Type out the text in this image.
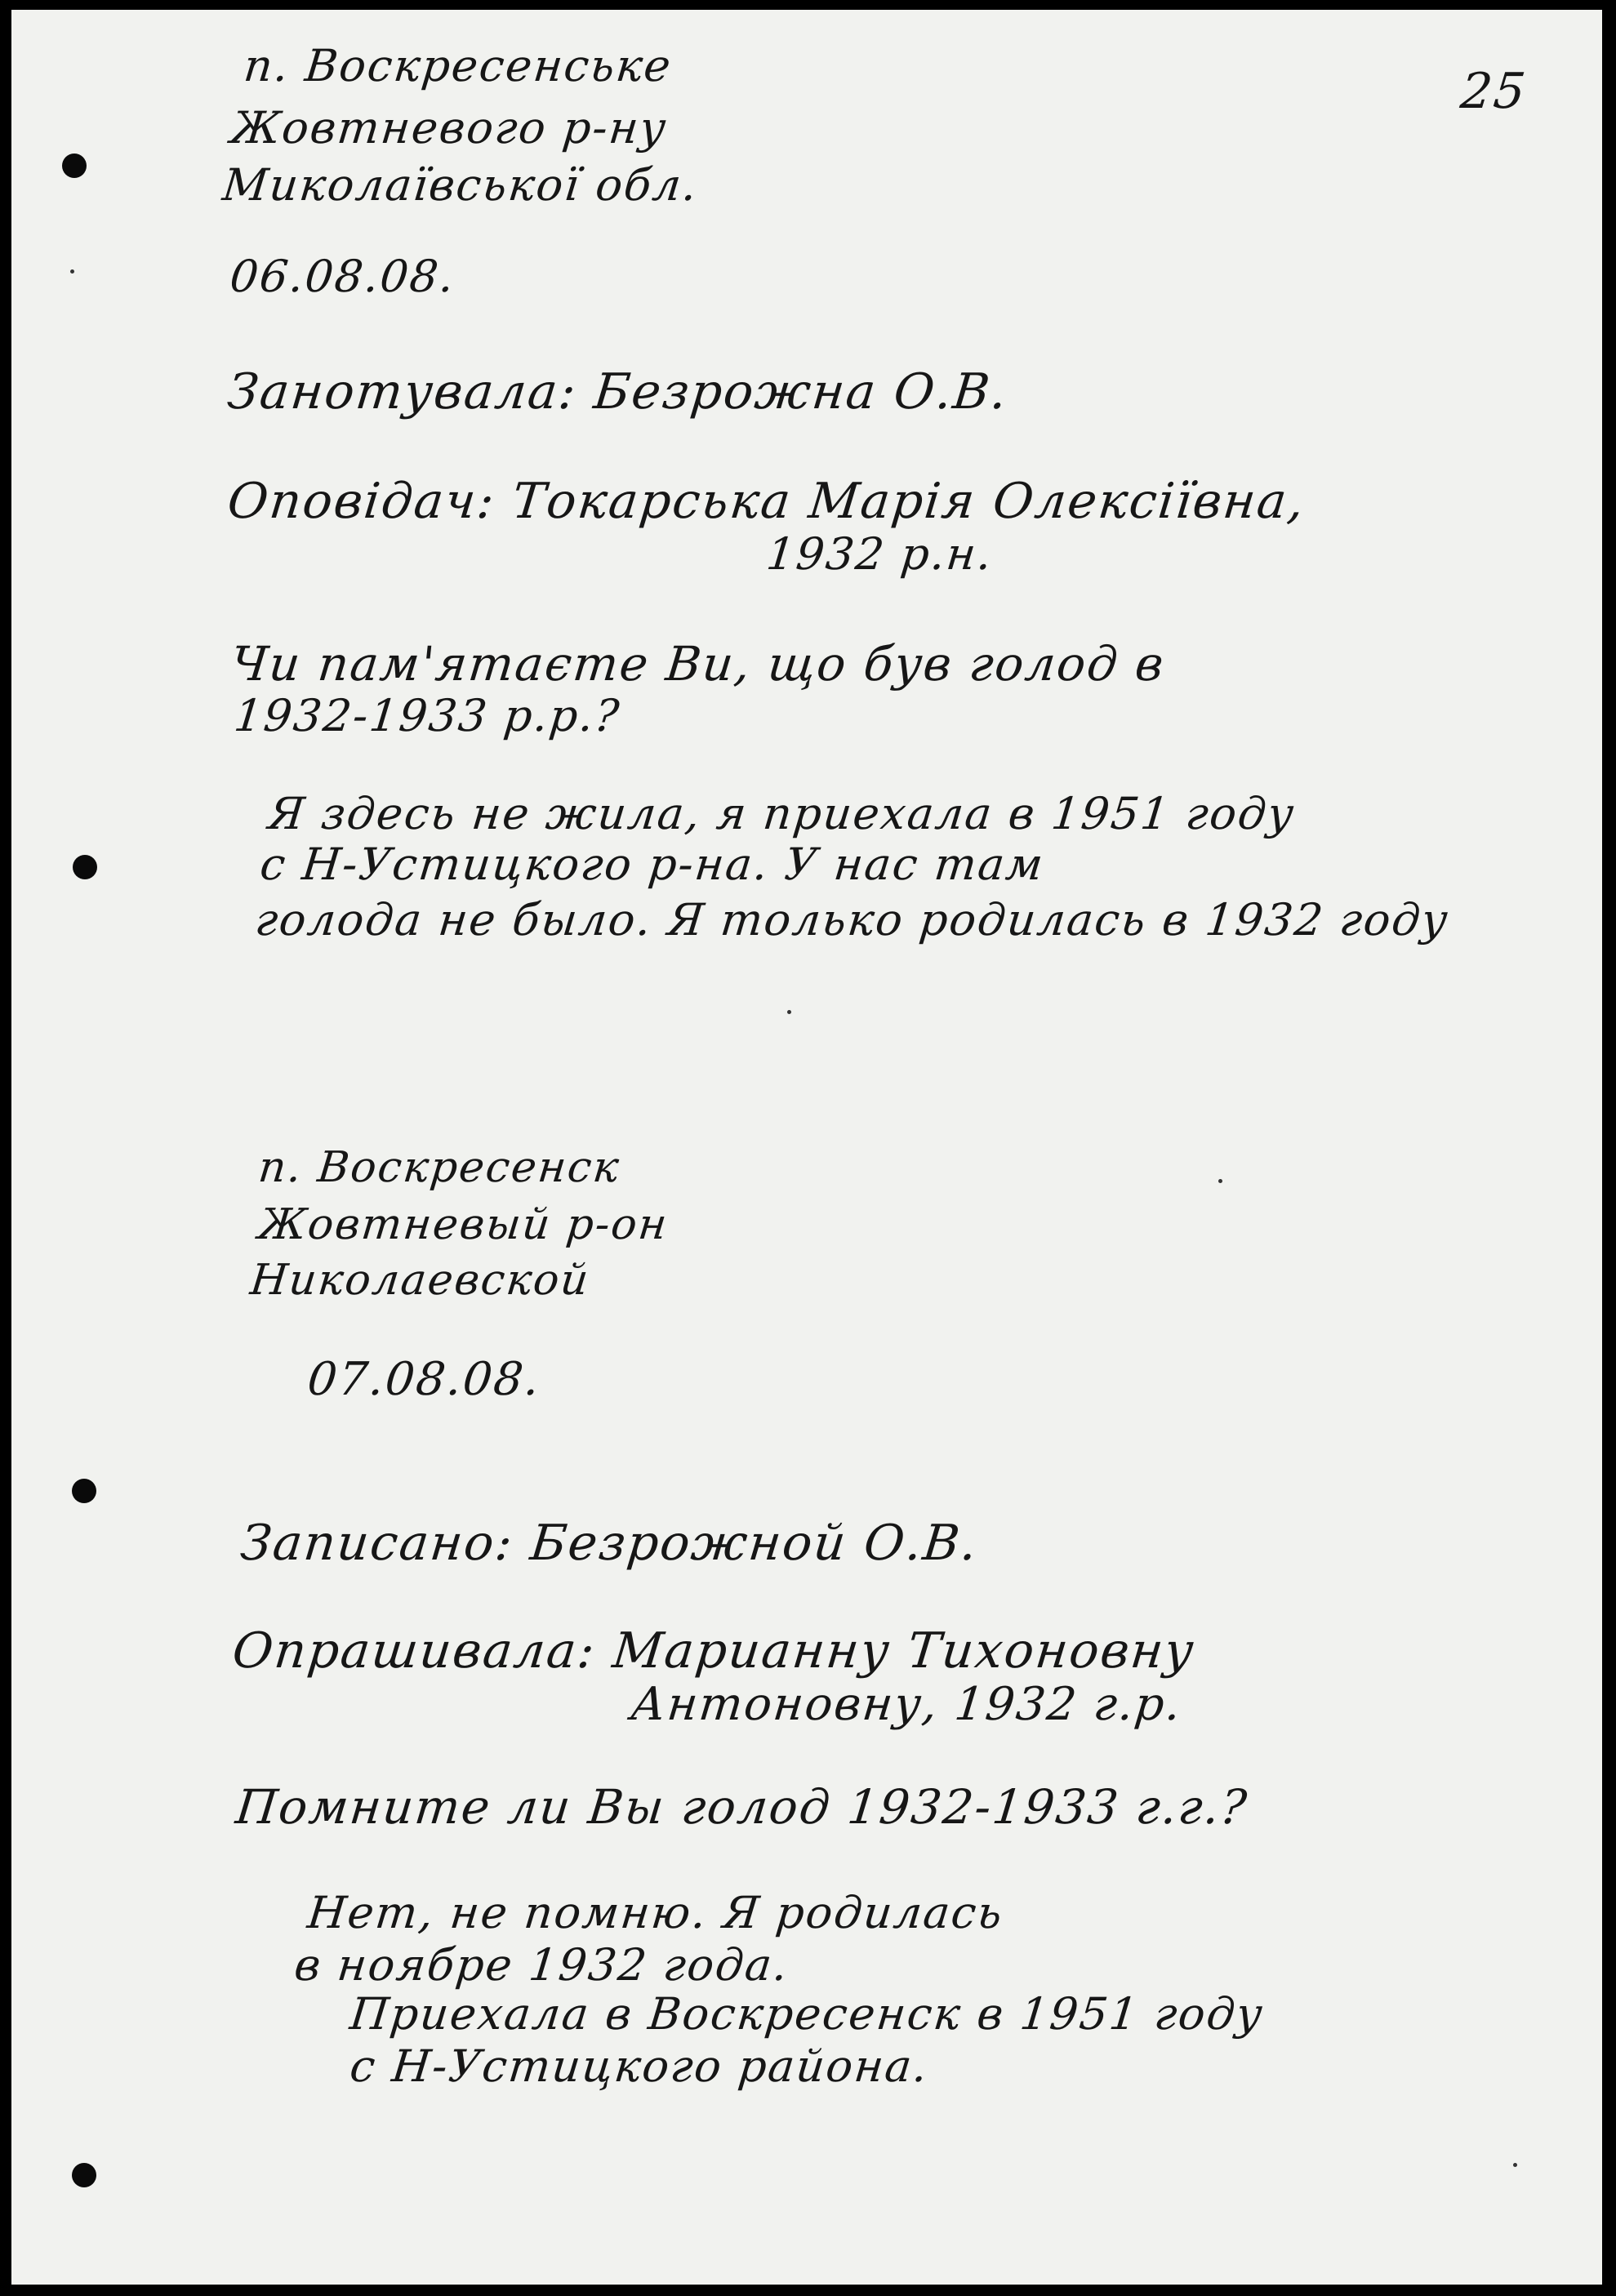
25
п. Воскресенське
Жовтневого р-ну
Миколаївської обл.
06.08.08.
Занотувала: Безрожна О.В.
Оповідач: Токарська Марія Олексіївна,
1932 р.н.
Чи пам'ятаєте Ви, що був голод в
1932-1933 р.р.?
Я здесь не жила, я приехала в 1951 году
с Н-Устицкого р-на. У нас там
голода не было. Я только родилась в 1932 году
п. Воскресенск
Жовтневый р-он
Николаевской
07.08.08.
Записано: Безрожной О.В.
Опрашивала: Марианну Тихоновну
Антоновну, 1932 г.р.
Помните ли Вы голод 1932-1933 г.г.?
Нет, не помню. Я родилась
в ноябре 1932 года.
Приехала в Воскресенск в 1951 году
с Н-Устицкого района.
